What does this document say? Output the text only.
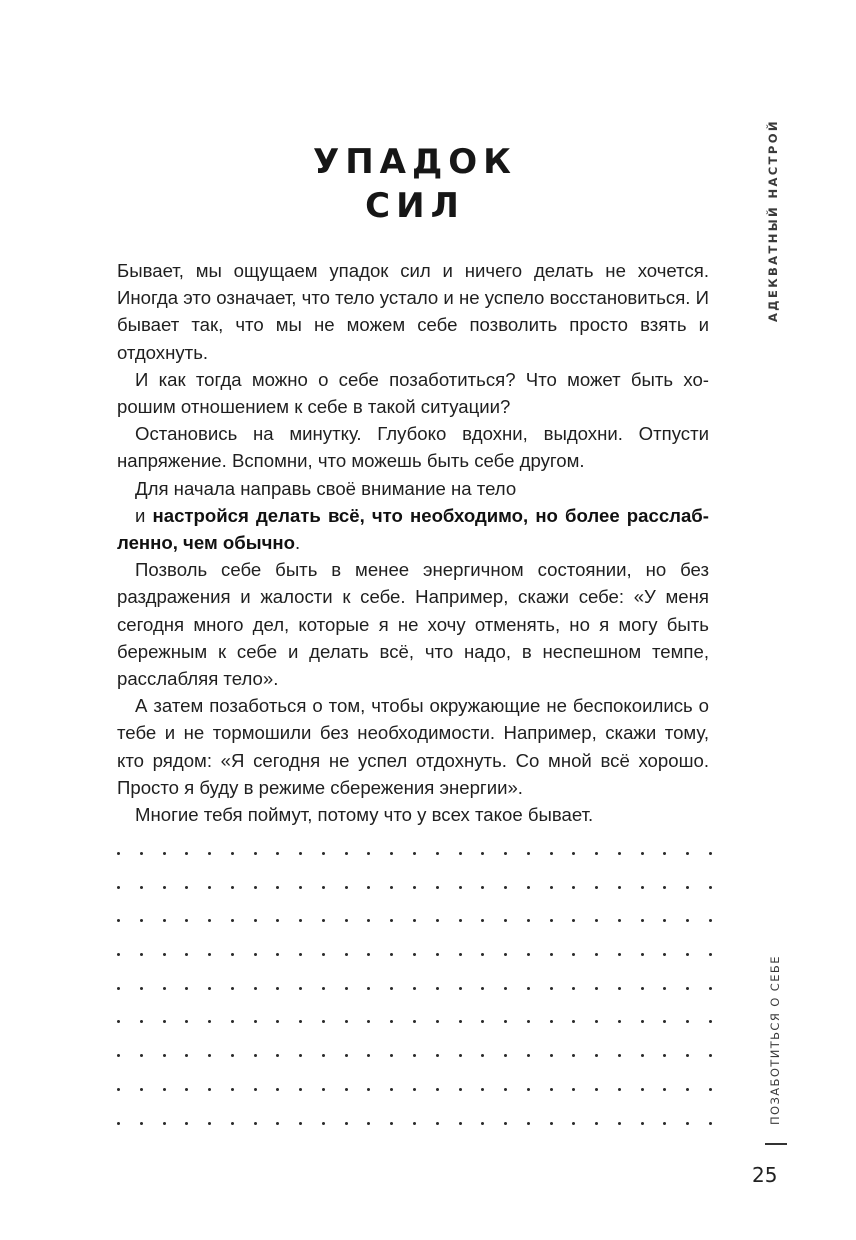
УПАДОК
СИЛ

Бывает, мы ощущаем упадок сил и ничего делать не хочется. Иногда это означает, что тело устало и не успело восстановиться. И бывает так, что мы не можем себе позволить просто взять и отдохнуть.

И как тогда можно о себе позаботиться? Что может быть хорошим отношением к себе в такой ситуации?

Остановись на минутку. Глубоко вдохни, выдохни. Отпусти напряжение. Вспомни, что можешь быть себе другом.

Для начала направь своё внимание на тело

и настройся делать всё, что необходимо, но более расслабленно, чем обычно.

Позволь себе быть в менее энергичном состоянии, но без раздражения и жалости к себе. Например, скажи себе: «У меня сегодня много дел, которые я не хочу отменять, но я могу быть бережным к себе и делать всё, что надо, в неспешном темпе, расслабляя тело».

А затем позаботься о том, чтобы окружающие не беспокоились о тебе и не тормошили без необходимости. Например, скажи тому, кто рядом: «Я сегодня не успел отдохнуть. Со мной всё хорошо. Просто я буду в режиме сбережения энергии».

Многие тебя поймут, потому что у всех такое бывает.

АДЕКВАТНЫЙ НАСТРОЙ
ПОЗАБОТИТЬСЯ О СЕБЕ
25
